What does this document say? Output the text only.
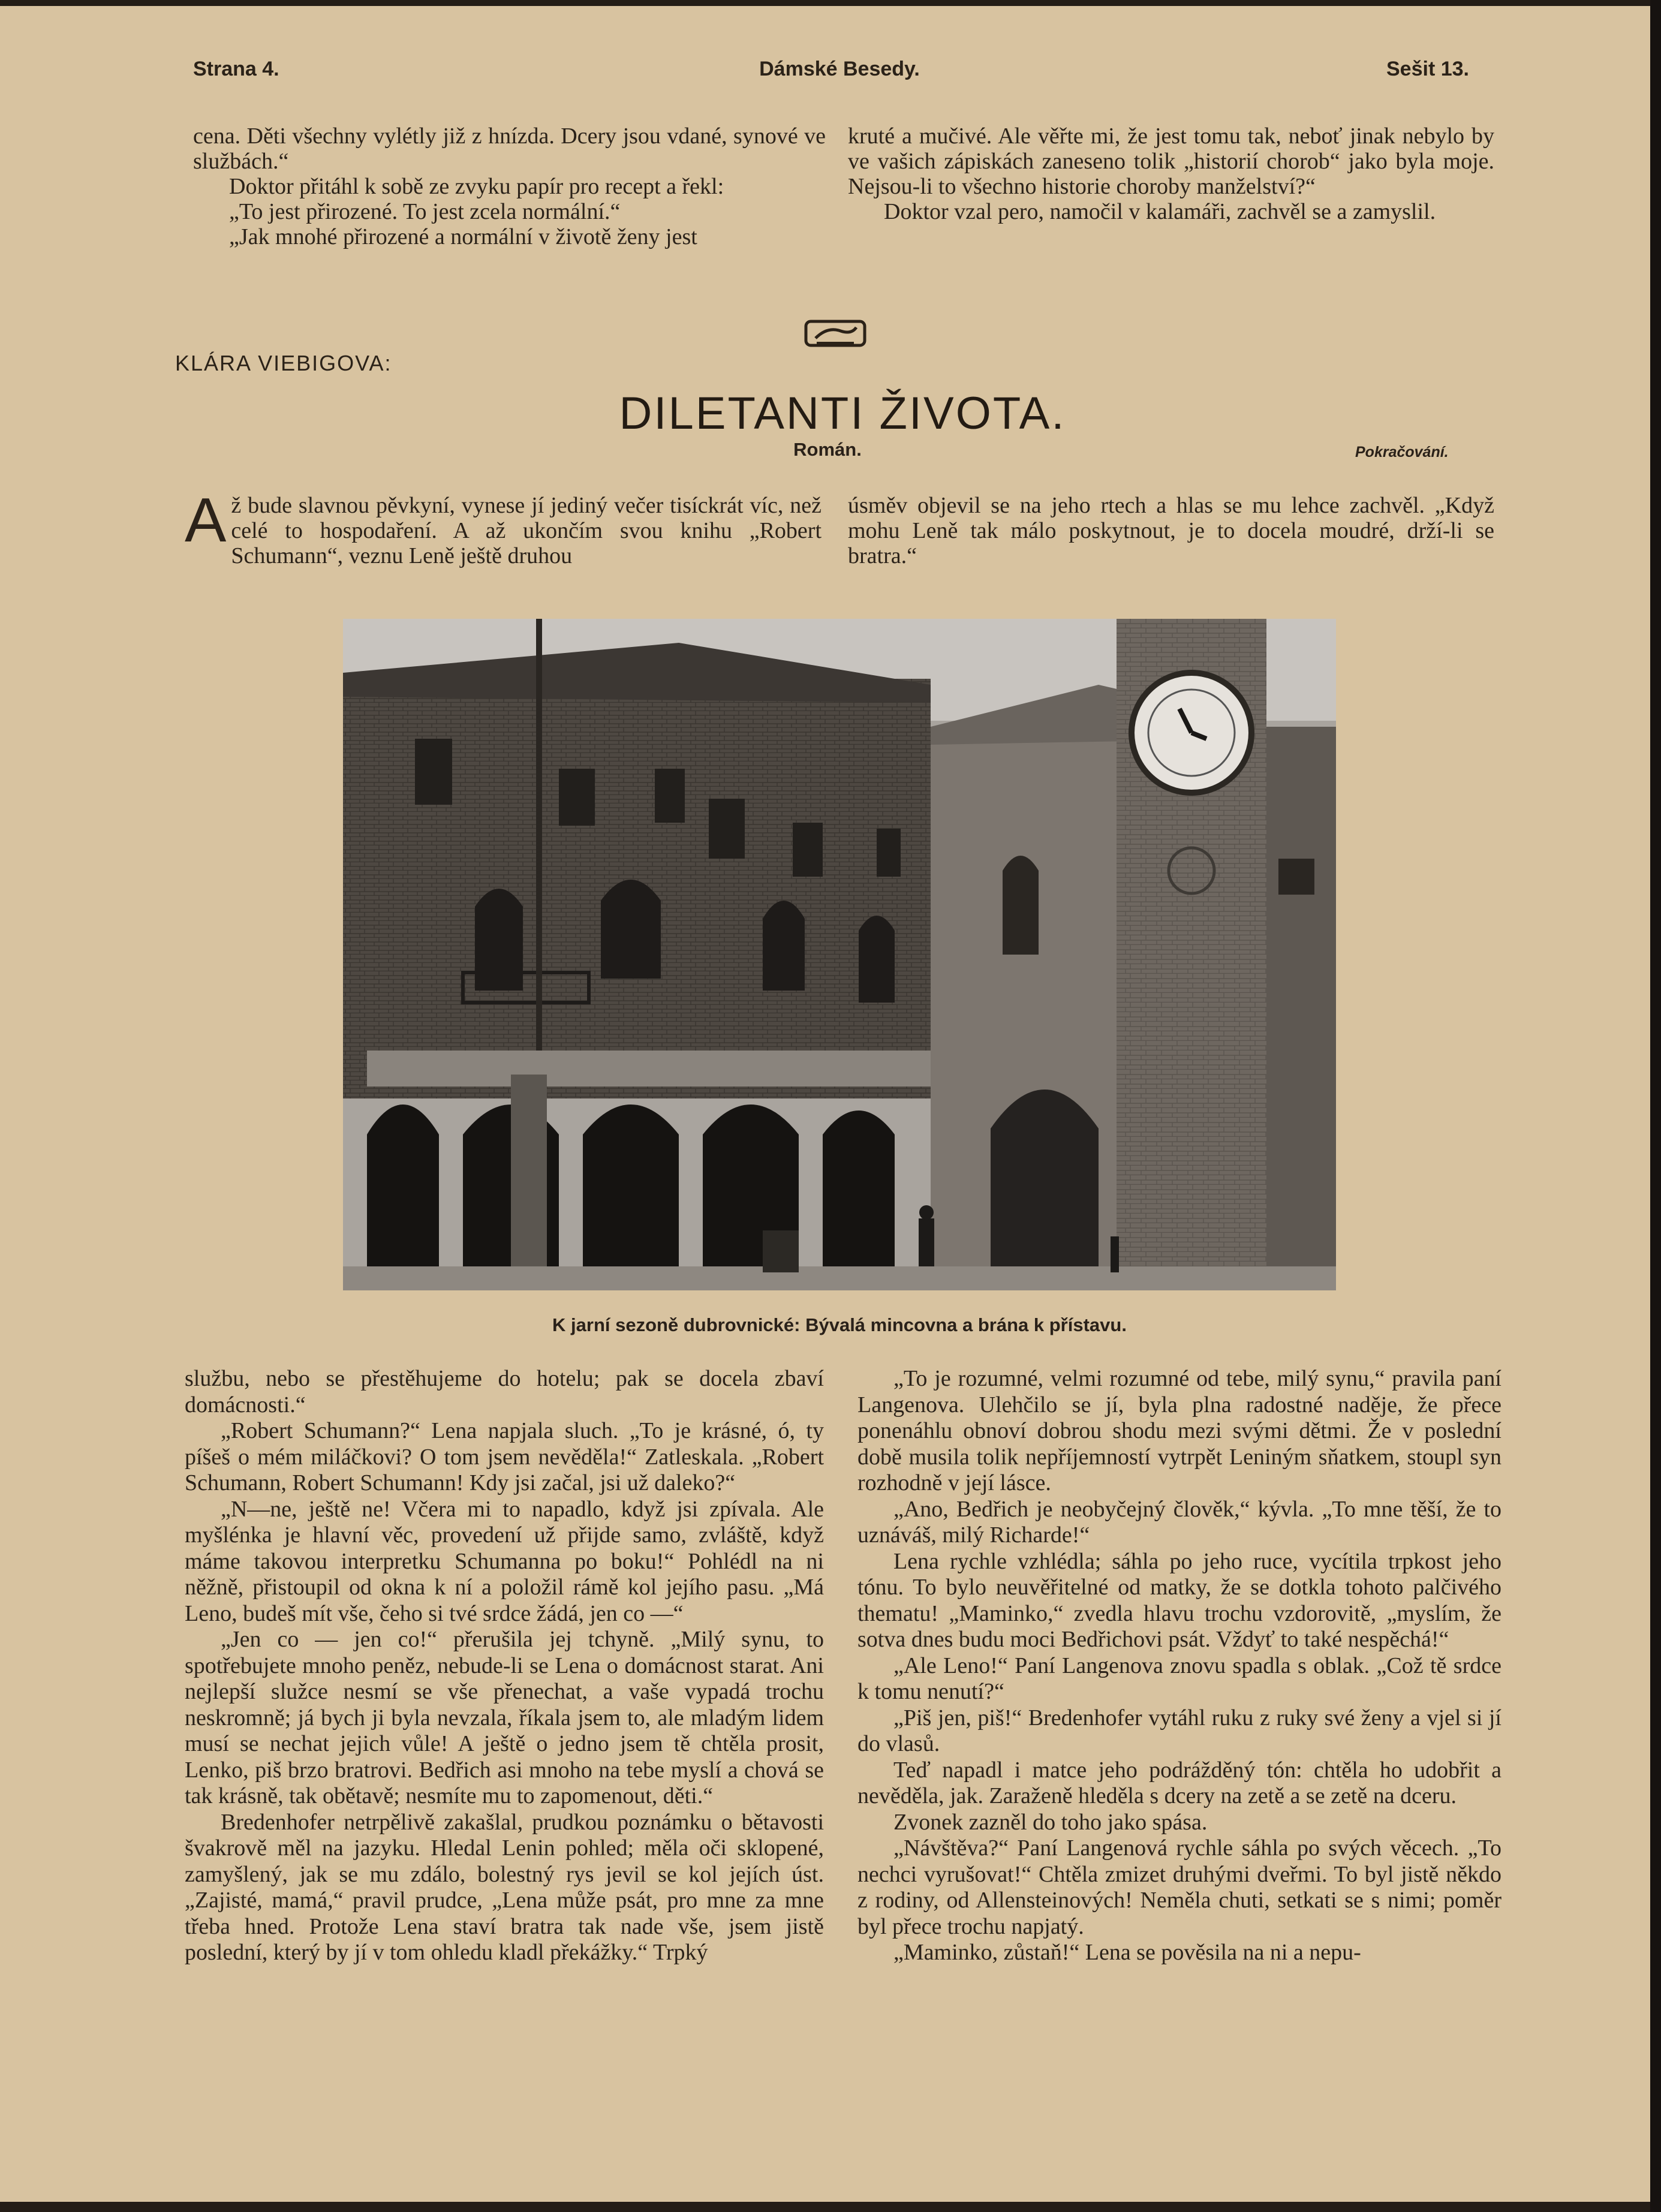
Strana 4.	Dámské Besedy.	Sešit 13.

cena. Děti všechny vylétly již z hnízda. Dcery jsou vdané, synové ve službách.“

Doktor přitáhl k sobě ze zvyku papír pro recept a řekl:

„To jest přirozené. To jest zcela normální.“

„Jak mnohé přirozené a normální v životě ženy jest

kruté a mučivé. Ale věřte mi, že jest tomu tak, neboť jinak nebylo by ve vašich zápiskách zaneseno tolik „historií chorob“ jako byla moje. Nejsou-li to všechno historie choroby manželství?“

Doktor vzal pero, namočil v kalamáři, zachvěl se a zamyslil.

KLÁRA VIEBIGOVA:
DILETANTI ŽIVOTA.
Román.	Pokračování.

Až bude slavnou pěvkyní, vynese jí jediný večer tisíckrát víc, než celé to hospodaření. A až ukončím svou knihu „Robert Schumann“, veznu Leně ještě druhou

úsměv objevil se na jeho rtech a hlas se mu lehce zachvěl. „Když mohu Leně tak málo poskytnout, je to docela moudré, drží-li se bratra.“

K jarní sezoně dubrovnické: Bývalá mincovna a brána k přístavu.

službu, nebo se přestěhujeme do hotelu; pak se docela zbaví domácnosti.“

„Robert Schumann?“ Lena napjala sluch. „To je krásné, ó, ty píšeš o mém miláčkovi? O tom jsem nevěděla!“ Zatleskala. „Robert Schumann, Robert Schumann! Kdy jsi začal, jsi už daleko?“

„N—ne, ještě ne! Včera mi to napadlo, když jsi zpívala. Ale myšlénka je hlavní věc, provedení už přijde samo, zvláště, když máme takovou interpretku Schumanna po boku!“ Pohlédl na ni něžně, přistoupil od okna k ní a položil rámě kol jejího pasu. „Má Leno, budeš mít vše, čeho si tvé srdce žádá, jen co —“

„Jen co — jen co!“ přerušila jej tchyně. „Milý synu, to spotřebujete mnoho peněz, nebude-li se Lena o domácnost starat. Ani nejlepší služce nesmí se vše přenechat, a vaše vypadá trochu neskromně; já bych ji byla nevzala, říkala jsem to, ale mladým lidem musí se nechat jejich vůle! A ještě o jedno jsem tě chtěla prosit, Lenko, piš brzo bratrovi. Bedřich asi mnoho na tebe myslí a chová se tak krásně, tak obětavě; nesmíte mu to zapomenout, děti.“

Bredenhofer netrpělivě zakašlal, prudkou poznámku o bětavosti švakrově měl na jazyku. Hledal Lenin pohled; měla oči sklopené, zamyšlený, jak se mu zdálo, bolestný rys jevil se kol jejích úst. „Zajisté, mamá,“ pravil prudce, „Lena může psát, pro mne za mne třeba hned. Protože Lena staví bratra tak nade vše, jsem jistě poslední, který by jí v tom ohledu kladl překážky.“ Trpký

„To je rozumné, velmi rozumné od tebe, milý synu,“ pravila paní Langenova. Ulehčilo se jí, byla plna radostné naděje, že přece ponenáhlu obnoví dobrou shodu mezi svými dětmi. Že v poslední době musila tolik nepříjemností vytrpět Leniným sňatkem, stoupl syn rozhodně v její lásce.

„Ano, Bedřich je neobyčejný člověk,“ kývla. „To mne těší, že to uznáváš, milý Richarde!“

Lena rychle vzhlédla; sáhla po jeho ruce, vycítila trpkost jeho tónu. To bylo neuvěřitelné od matky, že se dotkla tohoto palčivého thematu! „Maminko,“ zvedla hlavu trochu vzdorovitě, „myslím, že sotva dnes budu moci Bedřichovi psát. Vždyť to také nespěchá!“

„Ale Leno!“ Paní Langenova znovu spadla s oblak. „Což tě srdce k tomu nenutí?“

„Piš jen, piš!“ Bredenhofer vytáhl ruku z ruky své ženy a vjel si jí do vlasů.

Teď napadl i matce jeho podrážděný tón: chtěla ho udobřit a nevěděla, jak. Zaraženě hleděla s dcery na zetě a se zetě na dceru.

Zvonek zazněl do toho jako spása.

„Návštěva?“ Paní Langenová rychle sáhla po svých věcech. „To nechci vyrušovat!“ Chtěla zmizet druhými dveřmi. To byl jistě někdo z rodiny, od Allensteinových! Neměla chuti, setkati se s nimi; poměr byl přece trochu napjatý.

„Maminko, zůstaň!“ Lena se pověsila na ni a nepu-
